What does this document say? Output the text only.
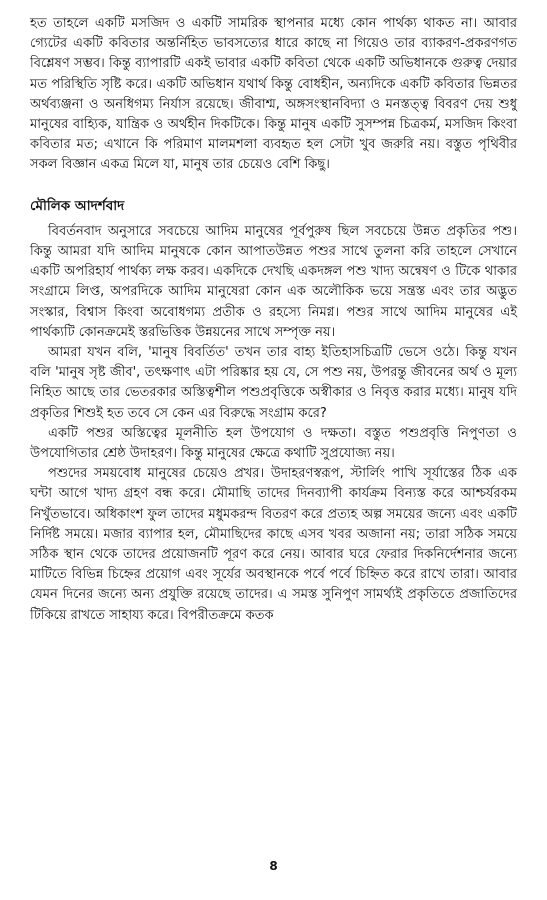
হত তাহলে একটি মসজিদ ও একটি সামরিক স্থাপনার মধ্যে কোন পার্থক্য থাকত না। আবার গ্যেটের একটি কবিতার অন্তর্নিহিত ভাবসত্যের ধারে কাছে না গিয়েও তার ব্যাকরণ-প্রকরণগত বিশ্লেষণ সম্ভব। কিন্তু ব্যাপারটি একই ভাবার একটি কবিতা থেকে একটি অভিধানকে গুরুত্ব দেয়ার মত পরিস্থিতি সৃষ্টি করে। একটি অভিধান যথার্থ কিন্তু বোধহীন, অন্যদিকে একটি কবিতার ভিন্নতর অর্থব্যঞ্জনা ও অনধিগম্য নির্যাস রয়েছে। জীবাশ্ম, অঙ্গসংস্থানবিদ্যা ও মনস্তত্ত্ব বিবরণ দেয় শুধু মানুষের বাহ্যিক, যান্ত্রিক ও অর্থহীন দিকটিকে। কিন্তু মানুষ একটি সুসম্পন্ন চিত্রকর্ম, মসজিদ কিংবা কবিতার মত; এখানে কি পরিমাণ মালমশলা ব্যবহৃত হল সেটা খুব জরুরি নয়। বস্তুত পৃথিবীর সকল বিজ্ঞান একত্র মিলে যা, মানুষ তার চেয়েও বেশি কিছু।

মৌলিক আদর্শবাদ

বিবর্তনবাদ অনুসারে সবচেয়ে আদিম মানুষের পূর্বপুরুষ ছিল সবচেয়ে উন্নত প্রকৃতির পশু। কিন্তু আমরা যদি আদিম মানুষকে কোন আপাতউন্নত পশুর সাথে তুলনা করি তাহলে সেখানে একটি অপরিহার্য পার্থক্য লক্ষ করব। একদিকে দেখছি একদঙ্গল পশু খাদ্য অন্বেষণ ও টিকে থাকার সংগ্রামে লিপ্ত, অপরদিকে আদিম মানুষেরা কোন এক অলৌকিক ভয়ে সন্ত্রস্ত এবং তার অদ্ভুত সংস্কার, বিশ্বাস কিংবা অবোধগম্য প্রতীক ও রহস্যে নিমগ্ন। পশুর সাথে আদিম মানুষের এই পার্থক্যটি কোনক্রমেই স্তরভিত্তিক উন্নয়নের সাথে সম্পৃক্ত নয়।

আমরা যখন বলি, 'মানুষ বিবর্তিত' তখন তার বাহ্য ইতিহাসচিত্রটি ভেসে ওঠে। কিন্তু যখন বলি 'মানুষ সৃষ্ট জীব', তৎক্ষণাৎ এটা পরিষ্কার হয় যে, সে পশু নয়, উপরন্তু জীবনের অর্থ ও মূল্য নিহিত আছে তার ভেতরকার অস্তিত্বশীল পশুপ্রবৃত্তিকে অস্বীকার ও নিবৃত্ত করার মধ্যে। মানুষ যদি প্রকৃতির শিশুই হত তবে সে কেন এর বিরুদ্ধে সংগ্রাম করে?

একটি পশুর অস্তিত্বের মূলনীতি হল উপযোগ ও দক্ষতা। বস্তুত পশুপ্রবৃত্তি নিপুণতা ও উপযোগিতার শ্রেষ্ঠ উদাহরণ। কিন্তু মানুষের ক্ষেত্রে কথাটি সুপ্রযোজ্য নয়।

পশুদের সময়বোধ মানুষের চেয়েও প্রখর। উদাহরণস্বরূপ, স্টার্লিং পাখি সূর্যাস্তের ঠিক এক ঘন্টা আগে খাদ্য গ্রহণ বন্ধ করে। মৌমাছি তাদের দিনব্যাপী কার্যক্রম বিন্যস্ত করে আশ্চর্যরকম নিখুঁতভাবে। অধিকাংশ ফুল তাদের মধুমকরন্দ বিতরণ করে প্রত্যহ অল্প সময়ের জন্যে এবং একটি নির্দিষ্ট সময়ে। মজার ব্যাপার হল, মৌমাছিদের কাছে এসব খবর অজানা নয়; তারা সঠিক সময়ে সঠিক স্থান থেকে তাদের প্রয়োজনটি পূরণ করে নেয়। আবার ঘরে ফেরার দিকনির্দেশনার জন্যে মাটিতে বিভিন্ন চিহ্নের প্রয়োগ এবং সূর্যের অবস্থানকে পর্বে পর্বে চিহ্নিত করে রাখে তারা। আবার যেমন দিনের জন্যে অন্য প্রযুক্তি রয়েছে তাদের। এ সমস্ত সুনিপুণ সামর্থ্যই প্রকৃতিতে প্রজাতিদের টিকিয়ে রাখতে সাহায্য করে। বিপরীতক্রমে কতক

8
